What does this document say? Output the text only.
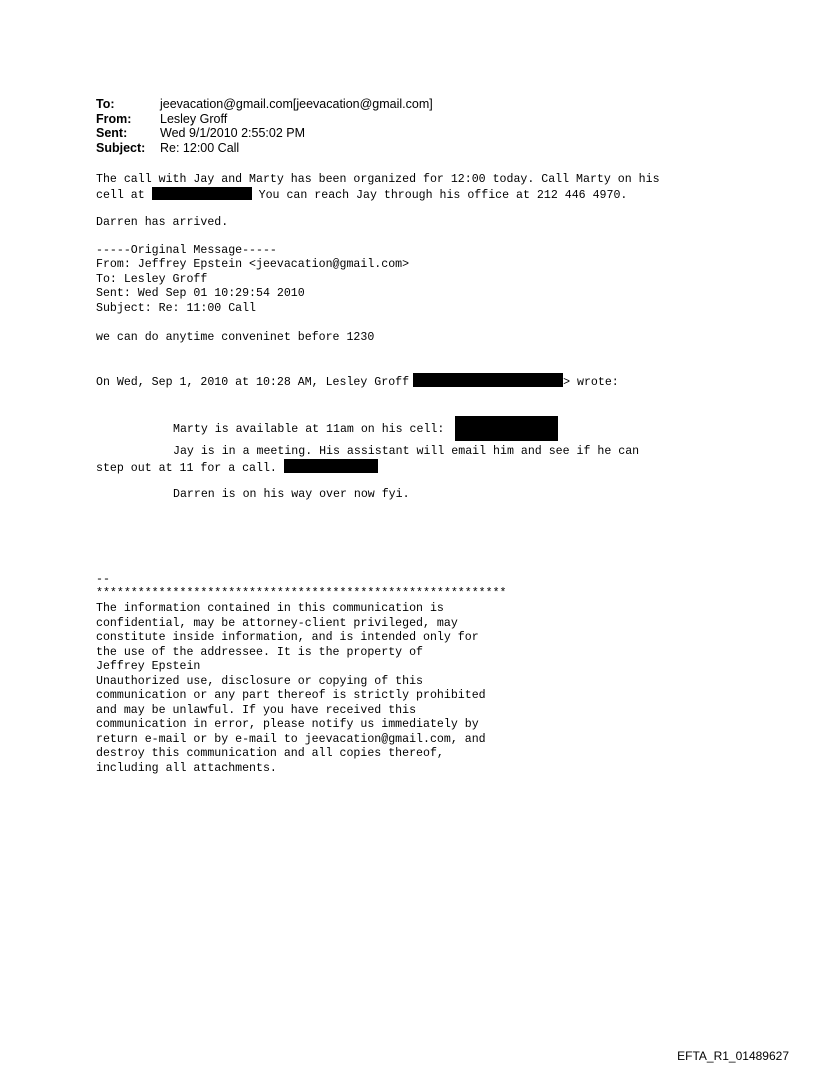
To:	jeevacation@gmail.com[jeevacation@gmail.com]
From:	Lesley Groff
Sent:	Wed 9/1/2010 2:55:02 PM
Subject:	Re: 12:00 Call
The call with Jay and Marty has been organized for 12:00 today. Call Marty on his
cell at	You can reach Jay through his office at 212 446 4970.
Darren has arrived.
-----Original Message-----
From: Jeffrey Epstein <jeevacation@gmail.com>
To: Lesley Groff
Sent: Wed Sep 01 10:29:54 2010
Subject: Re: 11:00 Call
we can do anytime conveninet before 1230
On Wed, Sep 1, 2010 at 10:28 AM, Lesley Groff	> wrote:
Marty is available at 11am on his cell:
Jay is in a meeting. His assistant will email him and see if he can
step out at 11 for a call.
Darren is on his way over now fyi.
--
***********************************************************
The information contained in this communication is
confidential, may be attorney-client privileged, may
constitute inside information, and is intended only for
the use of the addressee. It is the property of
Jeffrey Epstein
Unauthorized use, disclosure or copying of this
communication or any part thereof is strictly prohibited
and may be unlawful. If you have received this
communication in error, please notify us immediately by
return e-mail or by e-mail to jeevacation@gmail.com, and
destroy this communication and all copies thereof,
including all attachments.
EFTA_R1_01489627
